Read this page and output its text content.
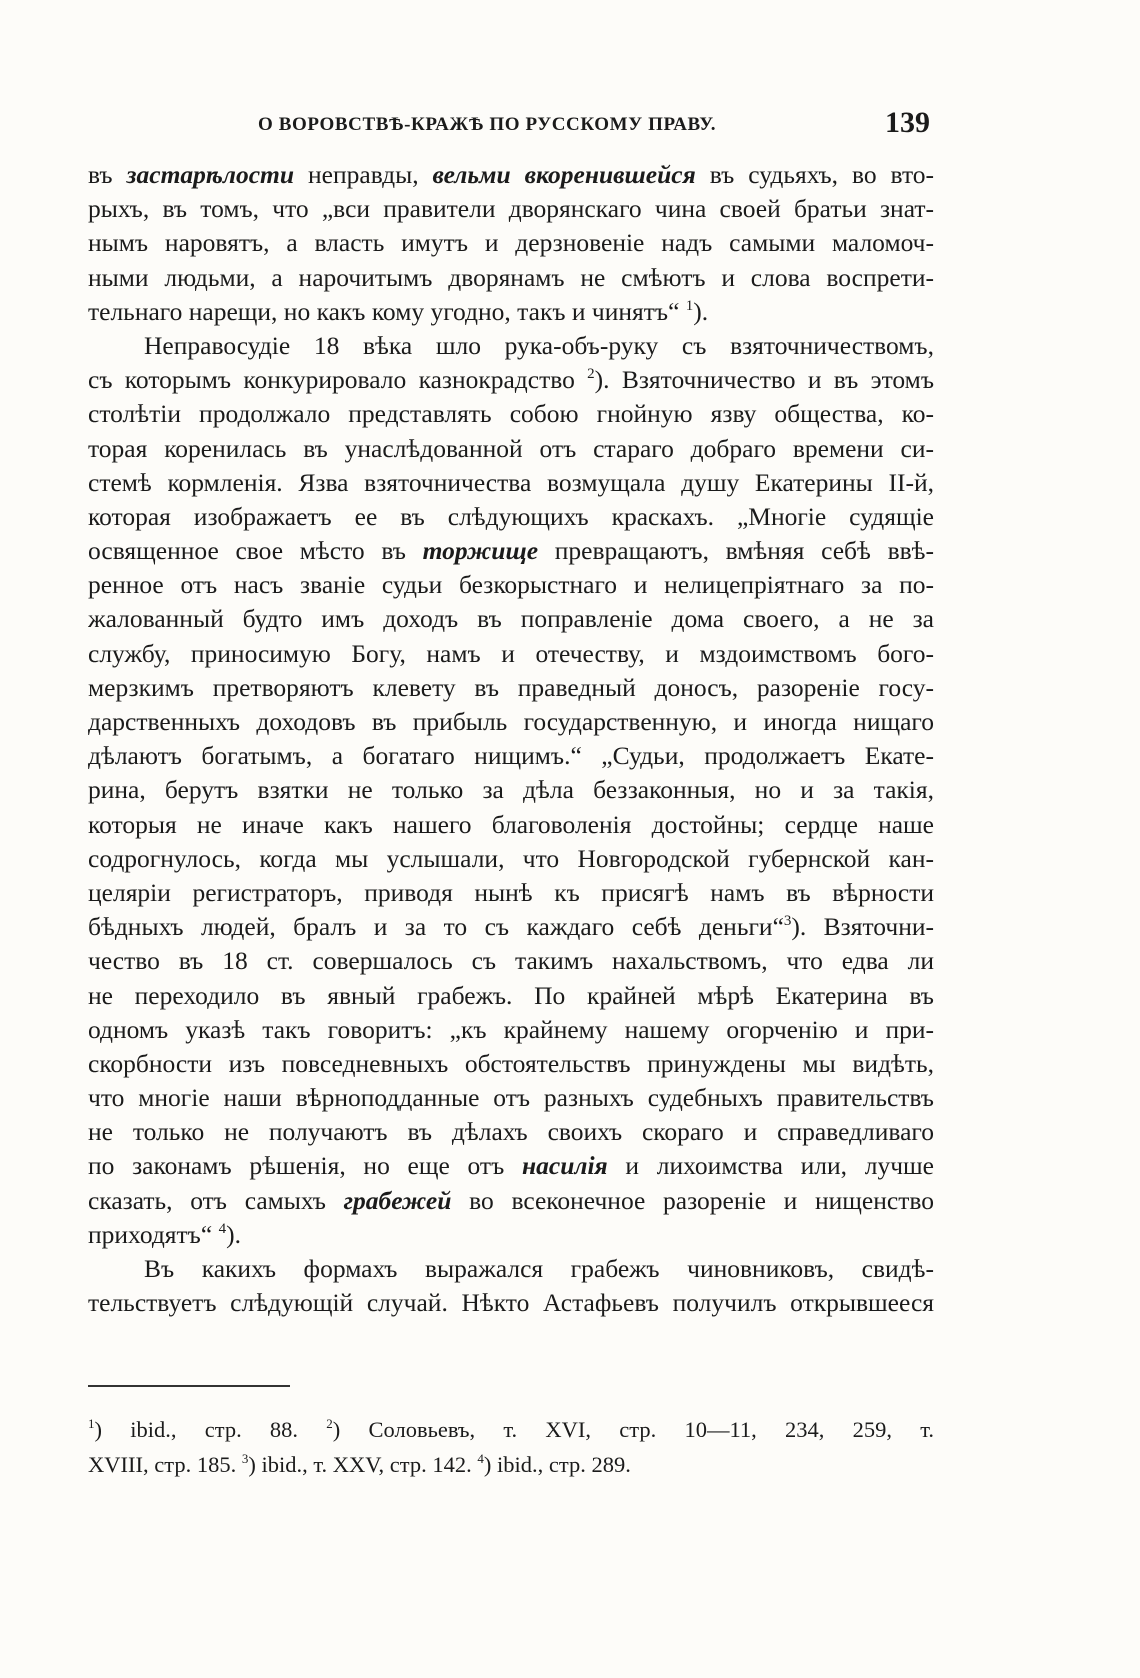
О ВОРОВСТВѢ-КРАЖѢ ПО РУССКОМУ ПРАВУ.	139
въ застарѣлости неправды, вельми вкоренившейся въ судьяхъ, во вто-
рыхъ, въ томъ, что „вси правители дворянскаго чина своей братьи знат-
нымъ наровятъ, а власть имутъ и дерзновеніе надъ самыми маломоч-
ными людьми, а нарочитымъ дворянамъ не смѣютъ и слова воспрети-
тельнаго нарещи, но какъ кому угодно, такъ и чинятъ“ $^1$).
Неправосудіе 18 вѣка шло рука-объ-руку съ взяточничествомъ,
съ которымъ конкурировало казнокрадство $^2$). Взяточничество и въ этомъ
столѣтіи продолжало представлять собою гнойную язву общества, ко-
торая коренилась въ унаслѣдованной отъ стараго добраго времени си-
стемѣ кормленія. Язва взяточничества возмущала душу Екатерины II-й,
которая изображаетъ ее въ слѣдующихъ краскахъ. „Многіе судящіе
освященное свое мѣсто въ торжище превращаютъ, вмѣняя себѣ ввѣ-
ренное отъ насъ званіе судьи безкорыстнаго и нелицепріятнаго за по-
жалованный будто имъ доходъ въ поправленіе дома своего, а не за
службу, приносимую Богу, намъ и отечеству, и мздоимствомъ бого-
мерзкимъ претворяютъ клевету въ праведный доносъ, разореніе госу-
дарственныхъ доходовъ въ прибыль государственную, и иногда нищаго
дѣлаютъ богатымъ, а богатаго нищимъ.“ „Судьи, продолжаетъ Екате-
рина, берутъ взятки не только за дѣла беззаконныя, но и за такія,
которыя не иначе какъ нашего благоволенія достойны; сердце наше
содрогнулось, когда мы услышали, что Новгородской губернской кан-
целяріи регистраторъ, приводя нынѣ къ присягѣ намъ въ вѣрности
бѣдныхъ людей, бралъ и за то съ каждаго себѣ деньги“$^3$). Взяточни-
чество въ 18 ст. совершалось съ такимъ нахальствомъ, что едва ли
не переходило въ явный грабежъ. По крайней мѣрѣ Екатерина въ
одномъ указѣ такъ говоритъ: „къ крайнему нашему огорченію и при-
скорбности изъ повседневныхъ обстоятельствъ принуждены мы видѣть,
что многіе наши вѣрноподданные отъ разныхъ судебныхъ правительствъ
не только не получаютъ въ дѣлахъ своихъ скораго и справедливаго
по законамъ рѣшенія, но еще отъ насилія и лихоимства или, лучше
сказать, отъ самыхъ грабежей во всеконечное разореніе и нищенство
приходятъ“ $^4$).
Въ какихъ формахъ выражался грабежъ чиновниковъ, свидѣ-
тельствуетъ слѣдующій случай. Нѣкто Астафьевъ получилъ открывшееся
$^1$) ibid., стр. 88. $^2$) Соловьевъ, т. XVI, стр. 10—11, 234, 259, т.
XVIII, стр. 185. $^3$) ibid., т. XXV, стр. 142. $^4$) ibid., стр. 289.
